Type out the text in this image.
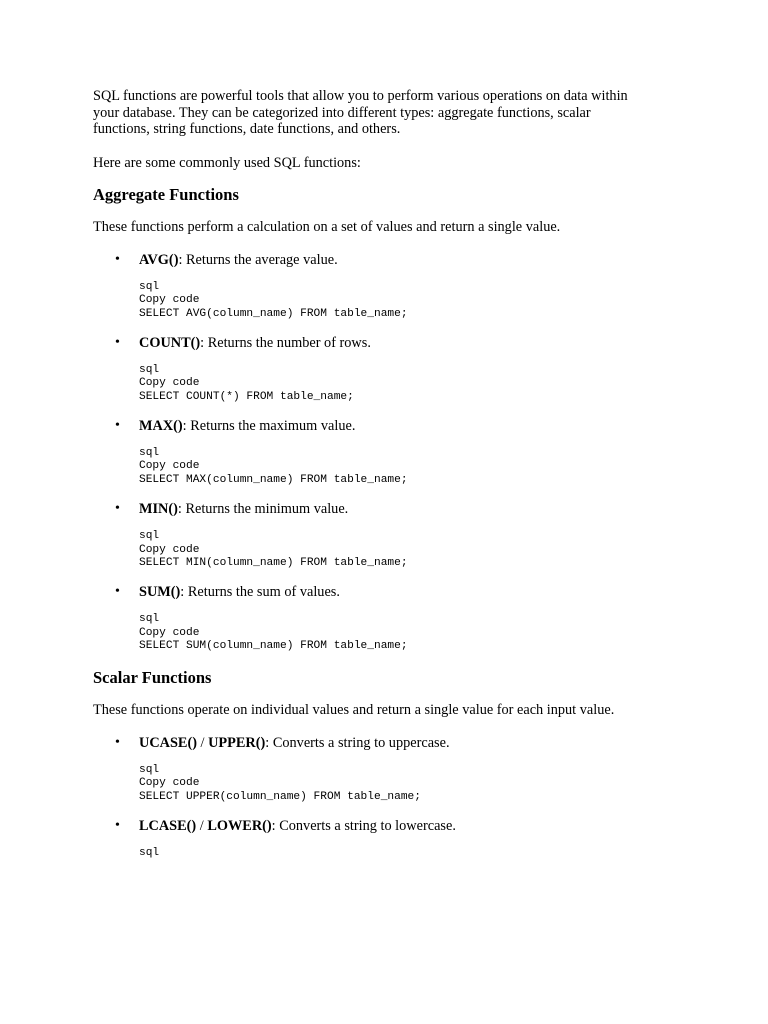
SQL functions are powerful tools that allow you to perform various operations on data within
your database. They can be categorized into different types: aggregate functions, scalar
functions, string functions, date functions, and others.

Here are some commonly used SQL functions:

Aggregate Functions

These functions perform a calculation on a set of values and return a single value.

• AVG(): Returns the average value.
sql
Copy code
SELECT AVG(column_name) FROM table_name;
• COUNT(): Returns the number of rows.
sql
Copy code
SELECT COUNT(*) FROM table_name;
• MAX(): Returns the maximum value.
sql
Copy code
SELECT MAX(column_name) FROM table_name;
• MIN(): Returns the minimum value.
sql
Copy code
SELECT MIN(column_name) FROM table_name;
• SUM(): Returns the sum of values.
sql
Copy code
SELECT SUM(column_name) FROM table_name;
Scalar Functions

These functions operate on individual values and return a single value for each input value.

• UCASE() / UPPER(): Converts a string to uppercase.
sql
Copy code
SELECT UPPER(column_name) FROM table_name;
• LCASE() / LOWER(): Converts a string to lowercase.
sql
